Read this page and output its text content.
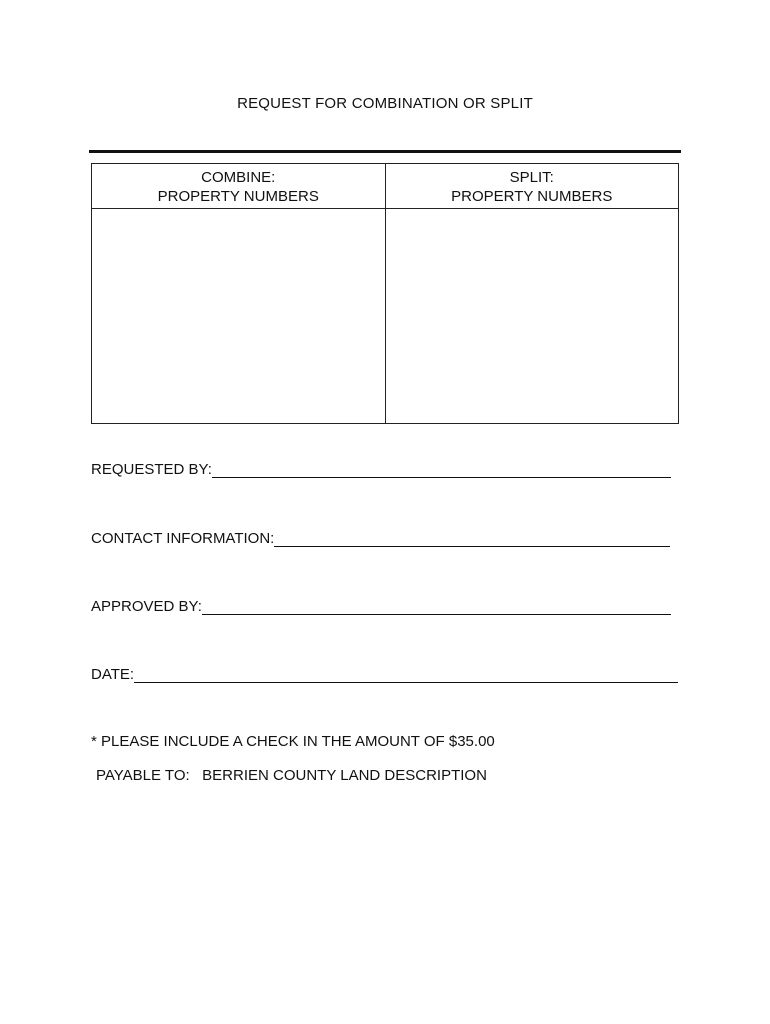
REQUEST FOR COMBINATION OR SPLIT
COMBINE:
PROPERTY NUMBERS
SPLIT:
PROPERTY NUMBERS
REQUESTED BY:
CONTACT INFORMATION:
APPROVED BY:
DATE:
* PLEASE INCLUDE A CHECK IN THE AMOUNT OF $35.00
PAYABLE TO:   BERRIEN COUNTY LAND DESCRIPTION
